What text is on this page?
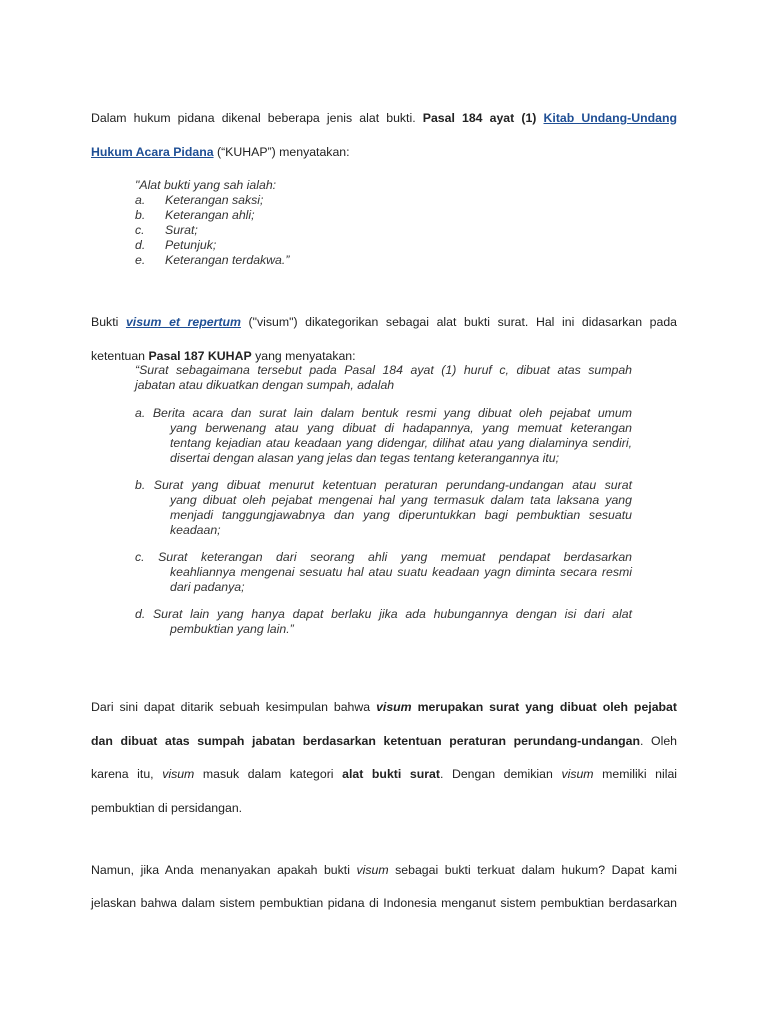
Dalam hukum pidana dikenal beberapa jenis alat bukti. Pasal 184 ayat (1) Kitab Undang-Undang
Hukum Acara Pidana (“KUHAP”) menyatakan:
"Alat bukti yang sah ialah:
a.	Keterangan saksi;
b.	Keterangan ahli;
c.	Surat;
d.	Petunjuk;
e.	Keterangan terdakwa.”
Bukti visum et repertum ("visum") dikategorikan sebagai alat bukti surat. Hal ini didasarkan pada
ketentuan Pasal 187 KUHAP yang menyatakan:
“Surat sebagaimana tersebut pada Pasal 184 ayat (1) huruf c, dibuat atas sumpah
jabatan atau dikuatkan dengan sumpah, adalah
a. Berita acara dan surat lain dalam bentuk resmi yang dibuat oleh pejabat umum
yang berwenang atau yang dibuat di hadapannya, yang memuat keterangan
tentang kejadian atau keadaan yang didengar, dilihat atau yang dialaminya sendiri,
disertai dengan alasan yang jelas dan tegas tentang keterangannya itu;
b. Surat yang dibuat menurut ketentuan peraturan perundang-undangan atau surat
yang dibuat oleh pejabat mengenai hal yang termasuk dalam tata laksana yang
menjadi tanggungjawabnya dan yang diperuntukkan bagi pembuktian sesuatu
keadaan;
c. Surat keterangan dari seorang ahli yang memuat pendapat berdasarkan
keahliannya mengenai sesuatu hal atau suatu keadaan yagn diminta secara resmi
dari padanya;
d. Surat lain yang hanya dapat berlaku jika ada hubungannya dengan isi dari alat
pembuktian yang lain.”
Dari sini dapat ditarik sebuah kesimpulan bahwa visum merupakan surat yang dibuat oleh pejabat
dan dibuat atas sumpah jabatan berdasarkan ketentuan peraturan perundang-undangan. Oleh
karena itu, visum masuk dalam kategori alat bukti surat. Dengan demikian visum memiliki nilai
pembuktian di persidangan.
Namun, jika Anda menanyakan apakah bukti visum sebagai bukti terkuat dalam hukum? Dapat kami
jelaskan bahwa dalam sistem pembuktian pidana di Indonesia menganut sistem pembuktian berdasarkan
